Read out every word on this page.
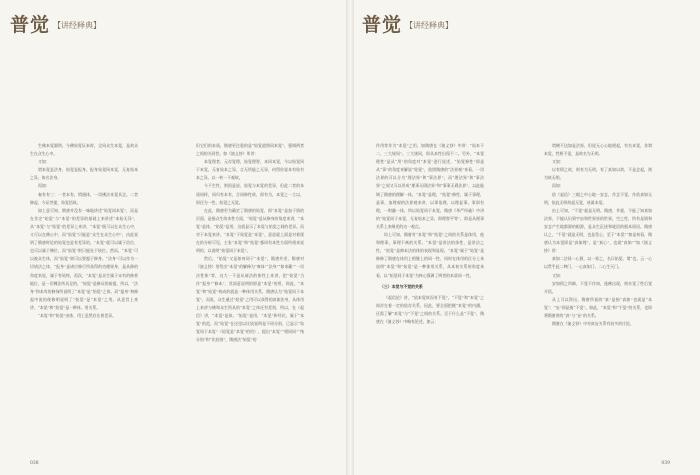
普觉 【讲经释典】

生佛本觉圆明，今佛始觉证本时，全同众生本觉，是故众生在众生心中。

又如：

谓本觉是法身，始觉是报身。报身始觉同本觉，无复始本之异，故名法身。

再如：

秦有有三：一者本有，谓通体，一切佛法本觉具足。二者修起，今证菩提，始觉悟故。

如上意可知，隋唐并没有一味地讲述“始觉同本觉”，而是在肯定“始觉”与“本觉”的差异的基础上来讲述“本始无异”，从“本觉”与“始觉”的差异上来讲，“本觉”既可以在众生心中，又可以在佛心中，而“始觉”只能是“众生在众生心中”，由此说明了隋唐时论的始觉也是有差异的。“本觉”就可以属于信位，也可以属于佛位，而“始觉”则只能处于较位。然而，“本觉”可以被众生体，而“始觉”则可以要超于修身。“法身”可以作为一切诸法之体，“报身”是诸应修行所获得的功德果身，是从修的角度来说，属于有始终，再次，“本觉”是众生属于未有的修养地位，是一切佛法所具足的，“始觉”是修证的前提，所以，“法身”和本有的修饰所说明了“本觉”是“始觉”之体，而“报身”和修起中说的使修明说明了“始觉”是“本觉”之用。从意旨上来讲，“本觉”和“始觉”是一种体、用关系。

“本觉”和“始觉”由体，用上虽然存在着差异。

但它们的本质，隋唐更注重的是“始觉遣照同本觉”，强调两者之间的关同性。如《演义钞》所讲：

本觉理者，元存觉理，始觉理智，本同本觉，今以始觉同于本觉，无复始本之异，言无所能之无异，何得你说本有始有本之异，以一转一不观故。

今不生性，则固是说，始觉与本觉的差异，但此二者的本质同样，同归有本有，合同修性故，即有为，本觉之一立以，即还为一性，始觉之无觉。

在此，隋唐更为确定了隋唐的始觉，即“本觉”是加于情的层面，是指众生的本性方面，“始觉”是从修身的角度来讲，“本觉”是体，“始觉”是用，这就显示了本觉与始觉之间的差异。而对于本觉来讲，“本觉”于始觉是“本觉”，意思就上面是对着现在的分析可见，主张“本觉”和“始觉”都同有本性方面所相来说明的，以说明“始觉同于本觉”。

然后，“始觉”又是如何同于“本觉”，隋唐并述，隋唐对《演义钞》里给出“本觉”的解释为“离体”“法身”“如来藏”“一切法性体”等，这大一不是从诸法的体性上来讲，把“始觉”当作“报身”“修本”，其间意说明的即是“本觉”的用，即此，“本觉”和“始觉”构成的就是一种体用关系，隋唐认为“始觉同于本觉”，而说，众生通过“始觉”之用可以获得的真如法身，从体用上来讲与佛和众生所具的“本觉”之体还有差别，所以，在《起信》讲，“本觉”是体，“始觉”是用，“本觉”和经比，属于“本觉”的范，而“始觉”在这里以比较说明是不同分别，已显示“始觉同于本觉”（始觉是“本觉”的用），提出“本觉”“相同同”“统分别”和“比较别”，隋唐法“始觉”的

038
普觉 【讲经释典】

作用等作为“本觉”之用，如隋唐在《演义钞》中讲：“始本不二，三大规同”。三大规同，即从本性出现不二，另外，“本觉理性”是从“用”的角度对“本觉”进行说述，“始觉修性”即是从“事”的角度来解说“始觉”，依照隋唐的“法界观”来看，一切法界的可以分为“理法界”和“事法界”，而“理法界”和“事法界”之间又可以形成“理事无碍法界”和“事事无碍法界”，以此能调了隋唐的理解一体，“本觉”是理，“始觉”修性，属于事理，是事，加理观的法界观来讲，以事依理，以理显事，事即有理，一则融一体，所以始觉同于本觉，隋唐《华严经疏》中讲的“始觉同于本觉，无复始本之异，即理智平等”，即是从理事关系上来阐述的这一观点。

综上可知，隋唐对“本觉”和“始觉”之间的关系是体用，他和理事，事理不离的关系。“本觉”是讲法的体性，是讲法之性，“始觉”是修本法的体的表现和显现。“本觉”属于“始觉”是修修了隋唐在体用上相继上的同一性，同时在体用的区分上来说明“本觉”和“始觉”是一种体用关系，从本初关系的角度来看，以“始觉同于本觉”为核心强调了两者的本质同一性。

（三）本觉与不觉的关系

《起信论》讲，“依本觉故而有不觉”，“不觉”和“本觉”之间存在着一定的依存关系，因此，要全面把握“本觉”的内涵，还需了解“本觉”与“不觉”之间的关系。至于什么是“不觉”，隋唐在《演义钞》中略有论述，如云：

谓佛不达如是法界，但说无心心地理起，有名本觉，非谓本觉，性相不觉，是故名为无明。

又如：

以有情之故，则有为无明，有了真如以故，不是念起，则为故无明。

再如：

依《起信》三细之中心地一安念，作念不觉，作依真如无明，依此无明故起无觉，迷谋本觉。

由上可知，“不觉”就是无明。隋唐，并就，不能了知真如法界，不能认识到宇宙和世界皆的世界，空之性，所有是情和安念产生地都源的根源，是众生沉迷和轮回的根本原因。隋唐认之，“不觉”就是无明，也是受心，至于“本觉”“如是何看，隋唐认为本觉即是“真如理”，是“真心”，也就“真如”“如《演义钞》讲：

真如二法同一心源，以一界之，名曰始觉、谓“也。云一心以贯乎此二种门，一心真如门，二心生灭门。

又如：

安如情之所障，不觉不作知，逢佛出现，则亦觉了性后觉开悟。

从上可以得出，隋唐所说的“真”是指“真如”也就是“本觉”；“妄”即是指“不觉”。如此，“本觉”和“不觉”的关系，也即将隋唐讲的“真”与“妄”的关系。

隋唐在《演义钞》中对真妄关系有较多的讨论。

039
